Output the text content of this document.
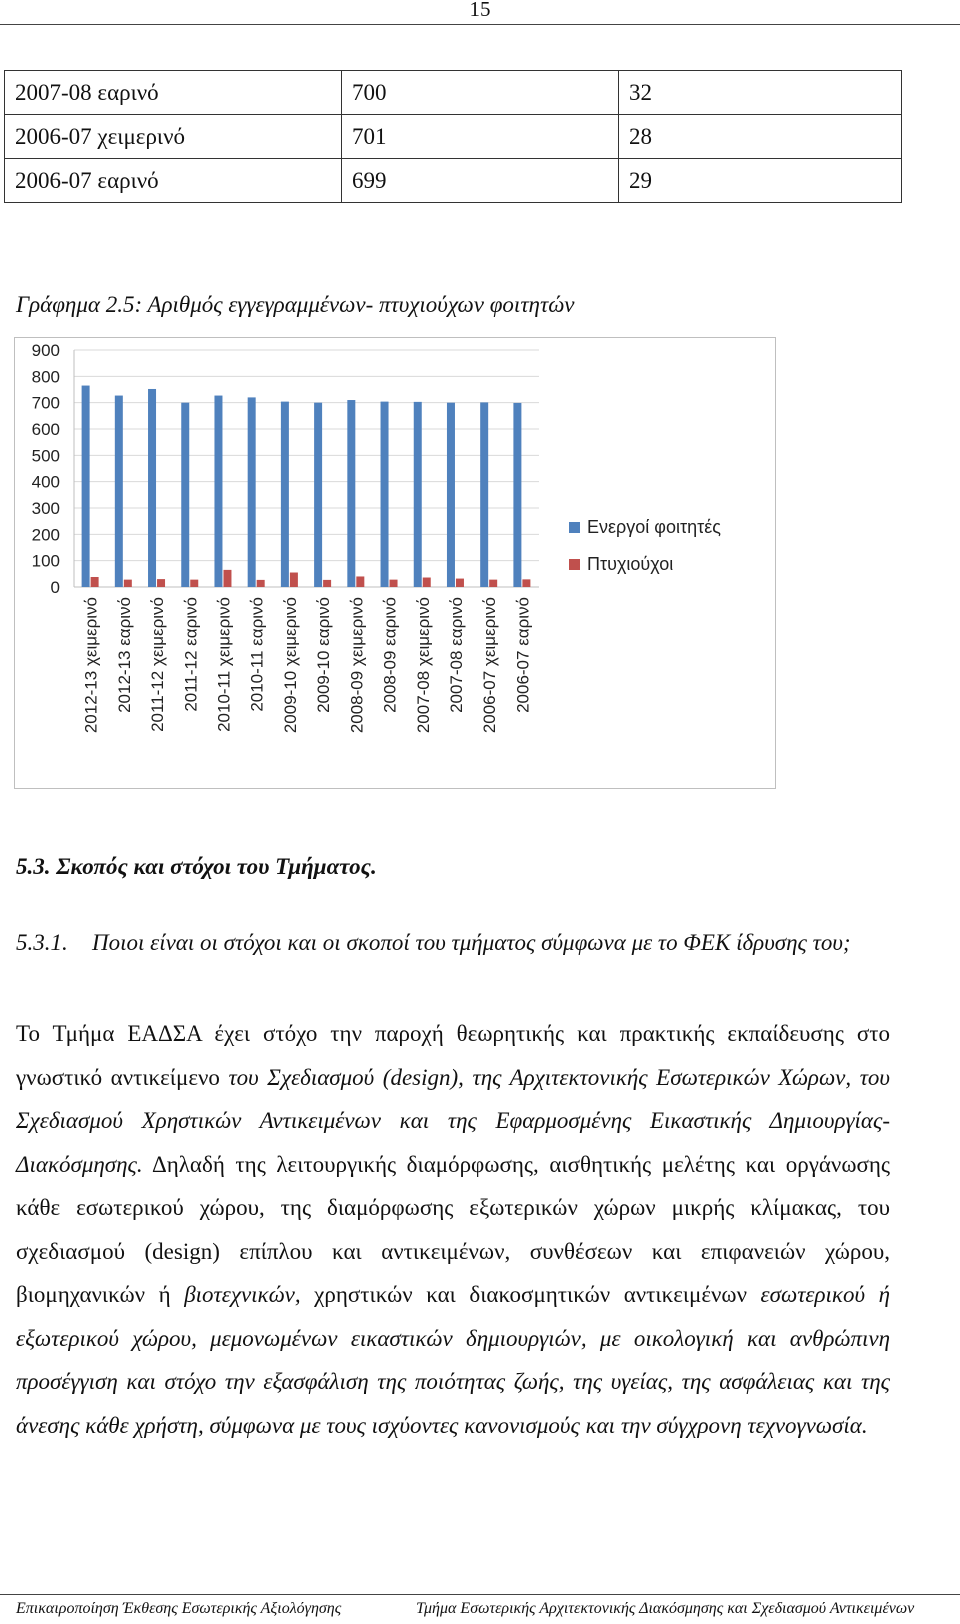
15
2007-08 εαρινό	700	32
2006-07 χειμερινό	701	28
2006-07 εαρινό	699	29
Γράφημα 2.5: Αριθμός εγγεγραμμένων- πτυχιούχων φοιτητών
0
100
200
300
400
500
600
700
800
900
2012-13 χειμερινό 2012-13 εαρινό 2011-12 χειμερινό 2011-12 εαρινό 2010-11 χειμερινό 2010-11 εαρινό 2009-10 χειμερινό 2009-10 εαρινό 2008-09 χειμερινό 2008-09 εαρινό 2007-08 χειμερινό 2007-08 εαρινό 2006-07 χειμερινό 2006-07 εαρινό
Ενεργοί φοιτητές
Πτυχιούχοι
5.3. Σκοπός και στόχοι του Τμήματος.
5.3.1.	Ποιοι είναι οι στόχοι και οι σκοποί του τμήματος σύμφωνα με το ΦΕΚ ίδρυσης του;
Το Τμήμα ΕΑΔΣΑ έχει στόχο την παροχή θεωρητικής και πρακτικής εκπαίδευσης στο γνωστικό αντικείμενο του Σχεδιασμού (design), της Αρχιτεκτονικής Εσωτερικών Χώρων, του Σχεδιασμού Χρηστικών Αντικειμένων και της Εφαρμοσμένης Εικαστικής Δημιουργίας-Διακόσμησης. Δηλαδή της λειτουργικής διαμόρφωσης, αισθητικής μελέτης και οργάνωσης κάθε εσωτερικού χώρου, της διαμόρφωσης εξωτερικών χώρων μικρής κλίμακας, του σχεδιασμού (design) επίπλου και αντικειμένων, συνθέσεων και επιφανειών χώρου, βιομηχανικών ή βιοτεχνικών, χρηστικών και διακοσμητικών αντικειμένων εσωτερικού ή εξωτερικού χώρου, μεμονωμένων εικαστικών δημιουργιών, με οικολογική και ανθρώπινη προσέγγιση και στόχο την εξασφάλιση της ποιότητας ζωής, της υγείας, της ασφάλειας και της άνεσης κάθε χρήστη, σύμφωνα με τους ισχύοντες κανονισμούς και την σύγχρονη τεχνογνωσία.
Επικαιροποίηση Έκθεσης Εσωτερικής Αξιολόγησης	Τμήμα Εσωτερικής Αρχιτεκτονικής Διακόσμησης και Σχεδιασμού Αντικειμένων
